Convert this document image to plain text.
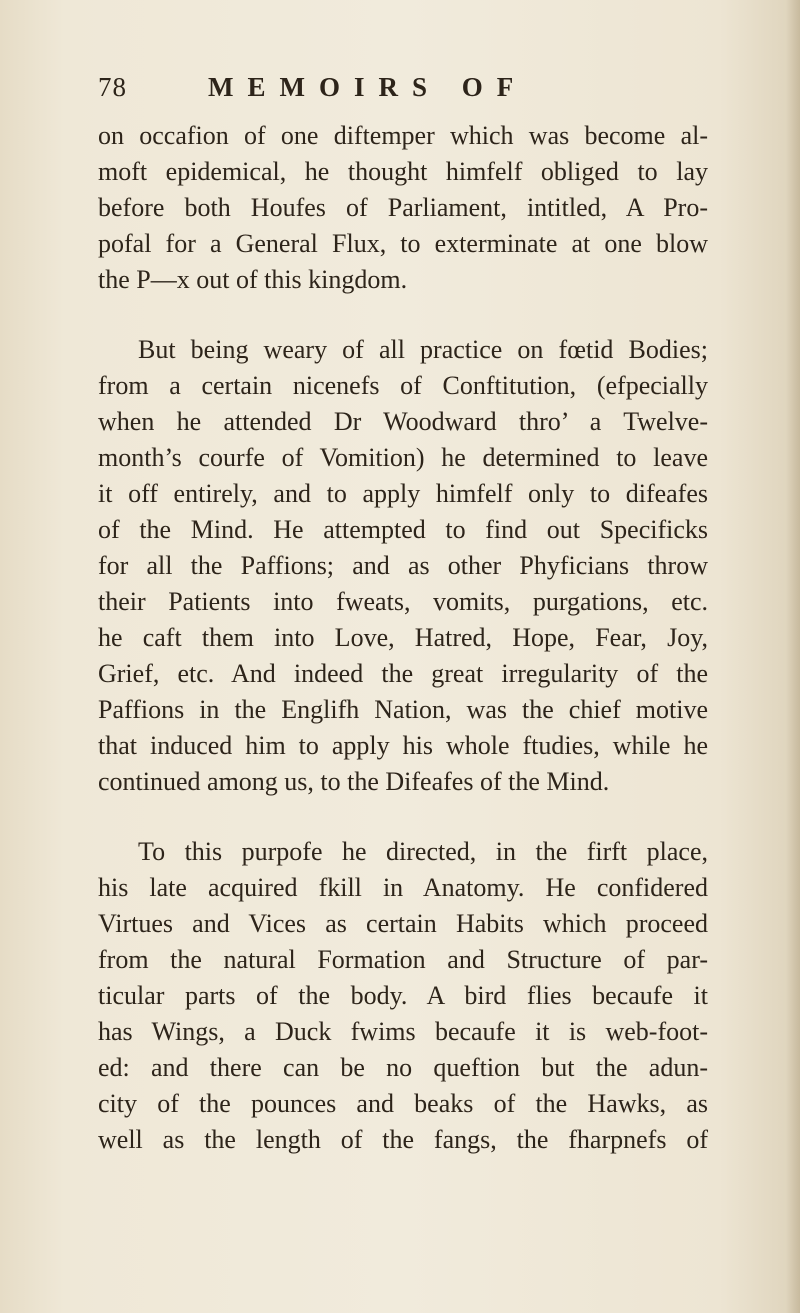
78	MEMOIRS OF
on occafion of one diftemper which was become al-
moft epidemical, he thought himfelf obliged to lay
before both Houfes of Parliament, intitled, A Pro-
pofal for a General Flux, to exterminate at one blow
the P—x out of this kingdom.
But being weary of all practice on fœtid Bodies;
from a certain nicenefs of Conftitution, (efpecially
when he attended Dr Woodward thro’ a Twelve-
month’s courfe of Vomition) he determined to leave
it off entirely, and to apply himfelf only to difeafes
of the Mind. He attempted to find out Specificks
for all the Paffions; and as other Phyficians throw
their Patients into fweats, vomits, purgations, etc.
he caft them into Love, Hatred, Hope, Fear, Joy,
Grief, etc. And indeed the great irregularity of the
Paffions in the Englifh Nation, was the chief motive
that induced him to apply his whole ftudies, while he
continued among us, to the Difeafes of the Mind.
To this purpofe he directed, in the firft place,
his late acquired fkill in Anatomy. He confidered
Virtues and Vices as certain Habits which proceed
from the natural Formation and Structure of par-
ticular parts of the body. A bird flies becaufe it
has Wings, a Duck fwims becaufe it is web-foot-
ed: and there can be no queftion but the adun-
city of the pounces and beaks of the Hawks, as
well as the length of the fangs, the fharpnefs of
